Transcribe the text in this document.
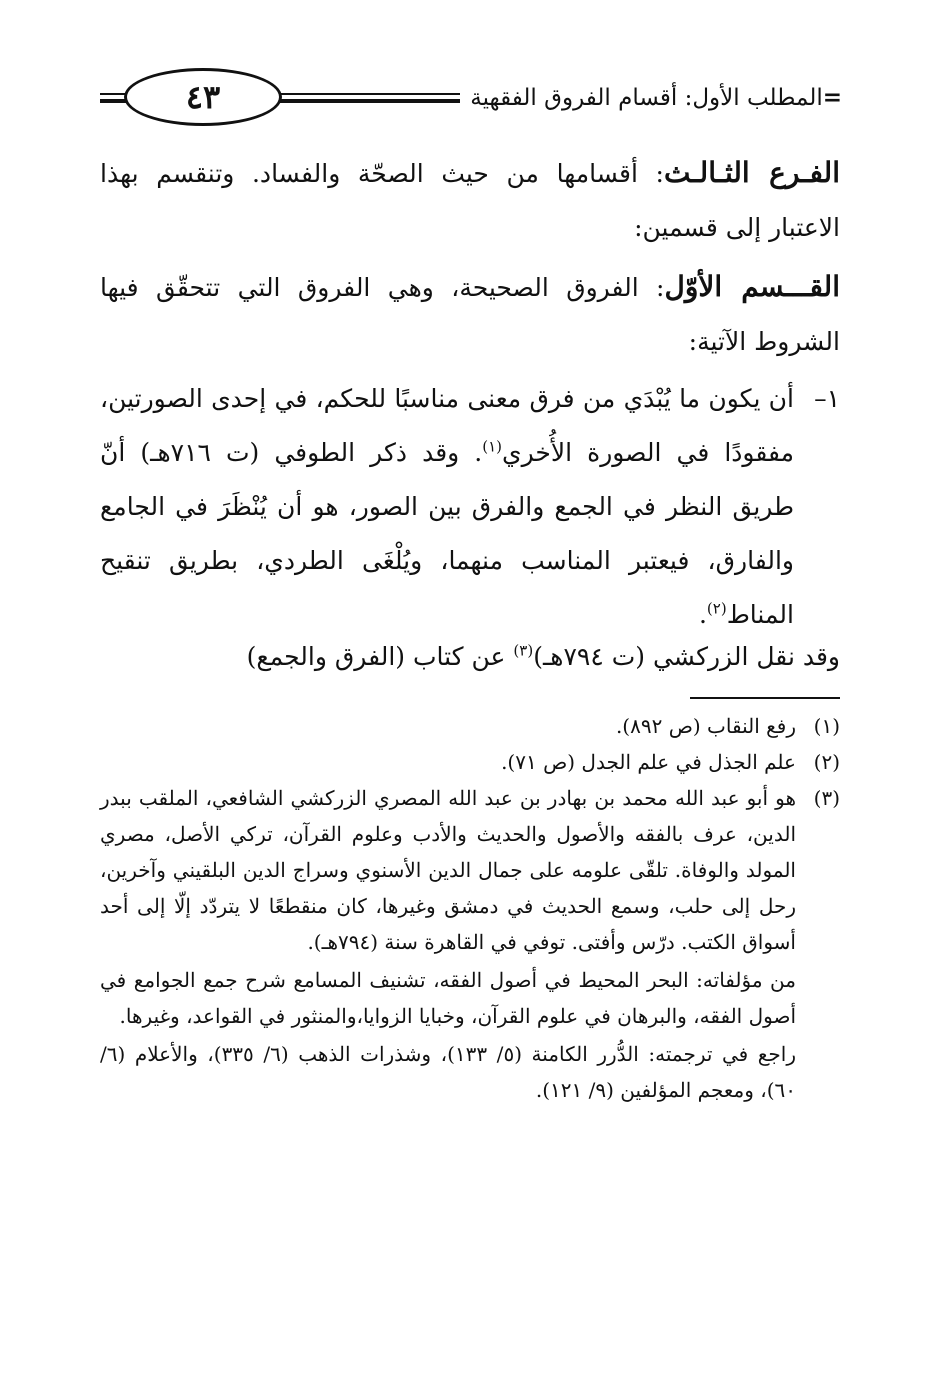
=المطلب الأول: أقسام الفروق الفقهية
٤٣
الفـرع الثـالـث: أقسامها من حيث الصحّة والفساد. وتنقسم بهذا الاعتبار إلى قسمين:
القـــسم الأوّل: الفروق الصحيحة، وهي الفروق التي تتحقّق فيها الشروط الآتية:
١–
أن يكون ما يُبْدَي من فرق معنى مناسبًا للحكم، في إحدى الصورتين، مفقودًا في الصورة الأُخري$^{(١)}$. وقد ذكر الطوفي (ت ٧١٦هـ) أنّ طريق النظر في الجمع والفرق بين الصور، هو أن يُنْظَرَ في الجامع والفارق، فيعتبر المناسب منهما، ويُلْغَى الطردي، بطريق تنقيح المناط$^{(٢)}$.
وقد نقل الزركشي (ت ٧٩٤هـ)$^{(٣)}$ عن كتاب (الفرق والجمع)
(١)
رفع النقاب (ص ٨٩٢).
(٢)
علم الجذل في علم الجدل (ص ٧١).
(٣)
هو أبو عبد الله محمد بن بهادر بن عبد الله المصري الزركشي الشافعي، الملقب ببدر الدين، عرف بالفقه والأصول والحديث والأدب وعلوم القرآن، تركي الأصل، مصري المولد والوفاة. تلقّى علومه على جمال الدين الأسنوي وسراج الدين البلقيني وآخرين، رحل إلى حلب، وسمع الحديث في دمشق وغيرها، كان منقطعًا لا يتردّد إلّا إلى أحد أسواق الكتب. درّس وأفتى. توفي في القاهرة سنة (٧٩٤هـ).
من مؤلفاته: البحر المحيط في أصول الفقه، تشنيف المسامع شرح جمع الجوامع في أصول الفقه، والبرهان في علوم القرآن، وخبايا الزوايا،والمنثور في القواعد، وغيرها.
راجع في ترجمته: الدُّرر الكامنة (٥/ ١٣٣)، وشذرات الذهب (٦/ ٣٣٥)، والأعلام (٦/ ٦٠)، ومعجم المؤلفين (٩/ ١٢١).
